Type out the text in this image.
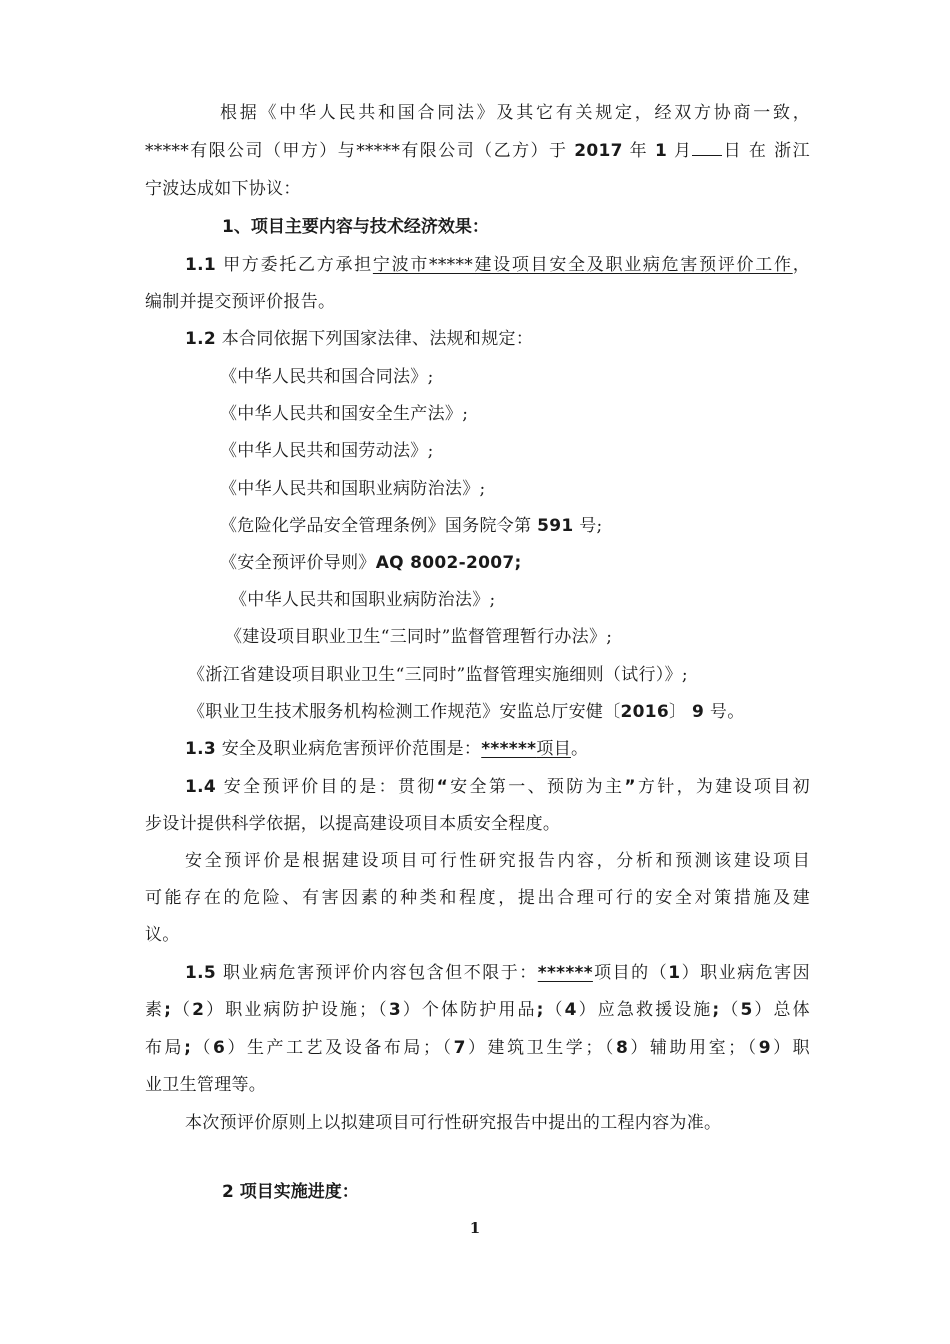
根据《中华人民共和国合同法》及其它有关规定，经双方协商一致，
*****有限公司（甲方）与*****有限公司（乙方）于 2017 年 1 月 日 在 浙江
宁波达成如下协议：
1、项目主要内容与技术经济效果：
1.1 甲方委托乙方承担宁波市*****建设项目安全及职业病危害预评价工作，
编制并提交预评价报告。
1.2 本合同依据下列国家法律、法规和规定：
《中华人民共和国合同法》;
《中华人民共和国安全生产法》;
《中华人民共和国劳动法》;
《中华人民共和国职业病防治法》;
《危险化学品安全管理条例》国务院令第 591 号;
《安全预评价导则》AQ 8002-2007;
《中华人民共和国职业病防治法》;
《建设项目职业卫生“三同时”监督管理暂行办法》;
《浙江省建设项目职业卫生“三同时”监督管理实施细则（试行）》;
《职业卫生技术服务机构检测工作规范》安监总厅安健〔2016〕 9 号。
1.3 安全及职业病危害预评价范围是：******项目。
1.4 安全预评价目的是：贯彻“安全第一、预防为主”方针，为建设项目初
步设计提供科学依据，以提高建设项目本质安全程度。
安全预评价是根据建设项目可行性研究报告内容，分析和预测该建设项目
可能存在的危险、有害因素的种类和程度，提出合理可行的安全对策措施及建
议。
1.5 职业病危害预评价内容包含但不限于：******项目的（1）职业病危害因
素;（2）职业病防护设施；（3）个体防护用品;（4）应急救援设施;（5）总体
布局;（6）生产工艺及设备布局；（7）建筑卫生学；（8）辅助用室；（9）职
业卫生管理等。
本次预评价原则上以拟建项目可行性研究报告中提出的工程内容为准。
2 项目实施进度：
1
